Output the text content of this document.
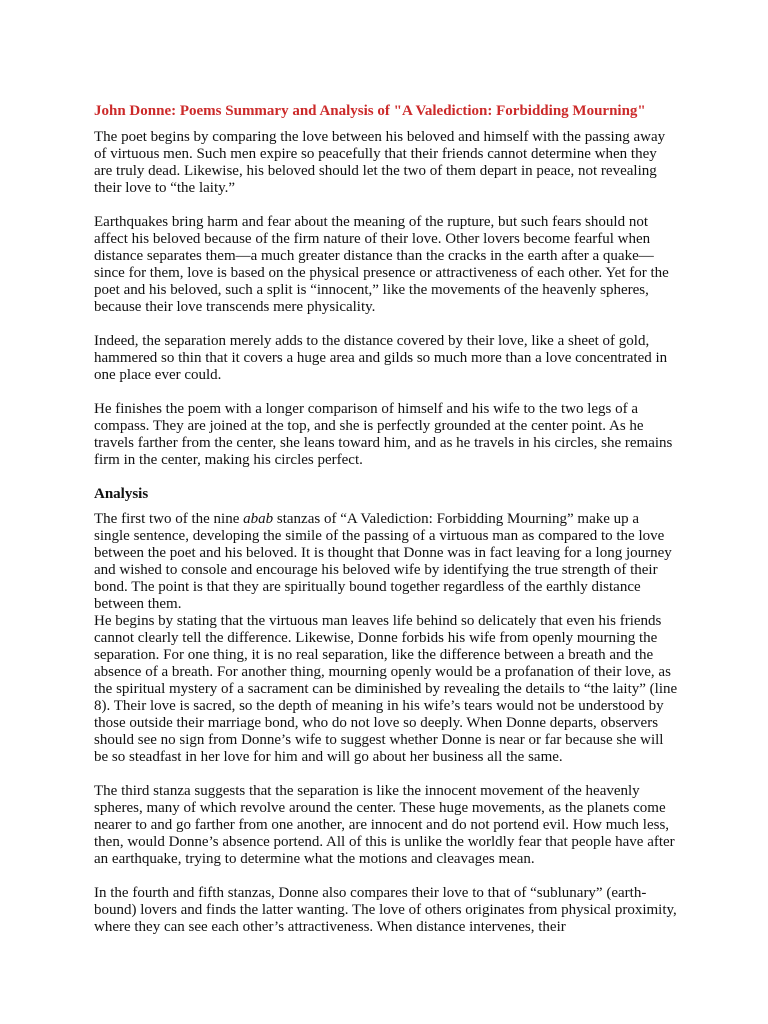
John Donne: Poems Summary and Analysis of "A Valediction: Forbidding Mourning"

The poet begins by comparing the love between his beloved and himself with the passing away of virtuous men. Such men expire so peacefully that their friends cannot determine when they are truly dead. Likewise, his beloved should let the two of them depart in peace, not revealing their love to “the laity.”

Earthquakes bring harm and fear about the meaning of the rupture, but such fears should not affect his beloved because of the firm nature of their love. Other lovers become fearful when distance separates them—a much greater distance than the cracks in the earth after a quake—since for them, love is based on the physical presence or attractiveness of each other. Yet for the poet and his beloved, such a split is “innocent,” like the movements of the heavenly spheres, because their love transcends mere physicality.

Indeed, the separation merely adds to the distance covered by their love, like a sheet of gold, hammered so thin that it covers a huge area and gilds so much more than a love concentrated in one place ever could.

He finishes the poem with a longer comparison of himself and his wife to the two legs of a compass. They are joined at the top, and she is perfectly grounded at the center point. As he travels farther from the center, she leans toward him, and as he travels in his circles, she remains firm in the center, making his circles perfect.

Analysis

The first two of the nine abab stanzas of “A Valediction: Forbidding Mourning” make up a single sentence, developing the simile of the passing of a virtuous man as compared to the love between the poet and his beloved. It is thought that Donne was in fact leaving for a long journey and wished to console and encourage his beloved wife by identifying the true strength of their bond. The point is that they are spiritually bound together regardless of the earthly distance between them.

He begins by stating that the virtuous man leaves life behind so delicately that even his friends cannot clearly tell the difference. Likewise, Donne forbids his wife from openly mourning the separation. For one thing, it is no real separation, like the difference between a breath and the absence of a breath. For another thing, mourning openly would be a profanation of their love, as the spiritual mystery of a sacrament can be diminished by revealing the details to “the laity” (line 8). Their love is sacred, so the depth of meaning in his wife’s tears would not be understood by those outside their marriage bond, who do not love so deeply. When Donne departs, observers should see no sign from Donne’s wife to suggest whether Donne is near or far because she will be so steadfast in her love for him and will go about her business all the same.

The third stanza suggests that the separation is like the innocent movement of the heavenly spheres, many of which revolve around the center. These huge movements, as the planets come nearer to and go farther from one another, are innocent and do not portend evil. How much less, then, would Donne’s absence portend. All of this is unlike the worldly fear that people have after an earthquake, trying to determine what the motions and cleavages mean.

In the fourth and fifth stanzas, Donne also compares their love to that of “sublunary” (earth-bound) lovers and finds the latter wanting. The love of others originates from physical proximity, where they can see each other’s attractiveness. When distance intervenes, their
